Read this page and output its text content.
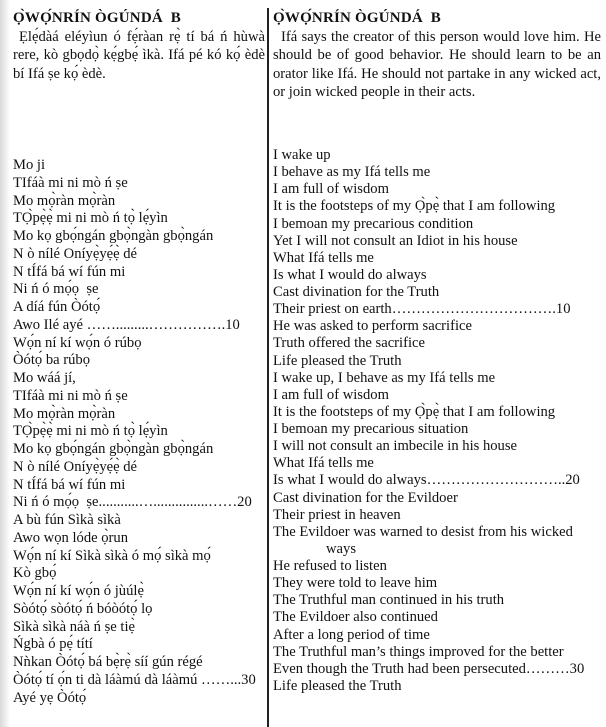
Ọ̀WỌ́NRÍN ÒGÚNDÁ  B
Ẹlẹ́dàá eléyìun ó fẹ́ràan rẹ̀ tí bá ń hùwà rere, kò gbọdọ̀ kẹ́gbẹ́ ìkà. Ifá pé kó kọ́ èdè bí Ifá ṣe kọ́ èdè.
Mo ji
TIfáà mi ni mò ń ṣe
Mo mọ̀ràn mọ̀ràn
TỌ̀pẹ̀ẹ̀ mi ni mò ń tọ̀ lẹ́yìn
Mo kọ gbọ́ngán gbọ̀ngàn gbọ̀ngán
N ò nílé Oníyẹ̀yẹ́ẹ̀ dé
N tÍfá bá wí fún mi
Ni ń ó mọ́ọ  ṣe
A díá fún Òótọ́
Awo Ilé ayé …….........…………….10
Wọ́n ní kí wọ́n ó rúbọ
Òótọ́ ba rúbọ
Mo wáá jí,
TIfáà mi ni mò ń ṣe
Mo mọ̀ràn mọ̀ràn
TỌ̀pẹ̀ẹ̀ mi ni mò ń tọ̀ lẹ́yìn
Mo kọ gbọ́ngán gbọ̀ngàn gbọ̀ngán
N ò nílé Oníyẹ̀yẹ́ẹ̀ dé
N tÍfá bá wí fún mi
Ni ń ó mọ́ọ  ṣe...........…...............……20
A bù fún Sìkà sìkà
Awo wọn lóde ọ̀run
Wọ́n ní kí Sìkà sìkà ó mọ́ sìkà mọ́
Kò gbọ́
Wọ́n ní kí wọ́n ó jùúlẹ̀
Sòótọ́ sòótọ́ ń bóòótọ́ lọ
Sìkà sìkà náà ń ṣe tiẹ̀
Ńgbà ó pẹ́ títí
Nǹkan Òótọ́ bá bẹ̀rẹ̀ síí gún régé
Òótọ́ tí ọ́n ti dà láàmú dà láàmú ……...30
Ayé yẹ Òótọ́
Ọ̀WỌ́NRÍN ÒGÚNDÁ  B
Ifá says the creator of this person would love him. He should be of good behavior. He should learn to be an orator like Ifá. He should not partake in any wicked act, or join wicked people in their acts.
I wake up
I behave as my Ifá tells me
I am full of wisdom
It is the footsteps of my Ọ̀pẹ̀ that I am following
I bemoan my precarious condition
Yet I will not consult an Idiot in his house
What Ifá tells me
Is what I would do always
Cast divination for the Truth
Their priest on earth…………………………….10
He was asked to perform sacrifice
Truth offered the sacrifice
Life pleased the Truth
I wake up, I behave as my Ifá tells me
I am full of wisdom
It is the footsteps of my Ọ̀pẹ̀ that I am following
I bemoan my precarious situation
I will not consult an imbecile in his house
What Ifá tells me
Is what I would do always………………………..20
Cast divination for the Evildoer
Their priest in heaven
The Evildoer was warned to desist from his wicked
ways
He refused to listen
They were told to leave him
The Truthful man continued in his truth
The Evildoer also continued
After a long period of time
The Truthful man’s things improved for the better
Even though the Truth had been persecuted………30
Life pleased the Truth
